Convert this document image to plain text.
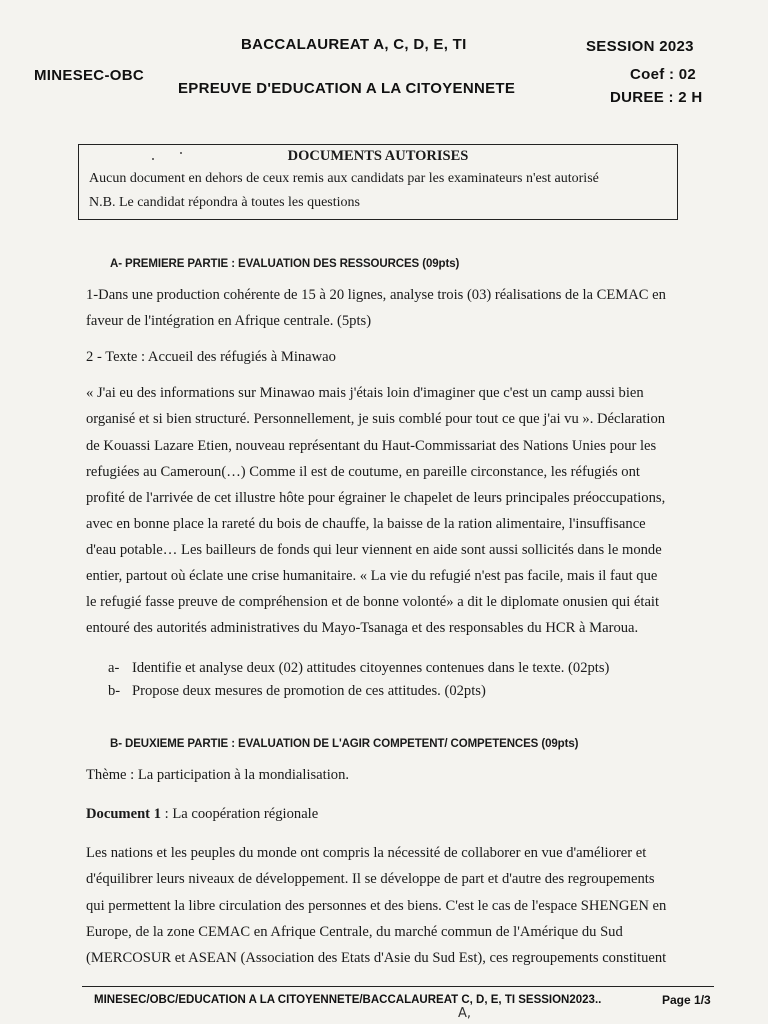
BACCALAUREAT A, C, D, E, TI	SESSION 2023
MINESEC-OBC
EPREUVE D'EDUCATION A LA CITOYENNETE
Coef : 02
DUREE : 2 H
DOCUMENTS AUTORISES
Aucun document en dehors de ceux remis aux candidats par les examinateurs n'est autorisé
N.B. Le candidat répondra à toutes les questions
A- PREMIERE PARTIE : EVALUATION DES RESSOURCES (09pts)
1-Dans une production cohérente de 15 à 20 lignes, analyse trois (03) réalisations de la CEMAC en
faveur de l'intégration en Afrique centrale. (5pts)
2 - Texte : Accueil des réfugiés à Minawao
« J'ai eu des informations sur Minawao mais j'étais loin d'imaginer que c'est un camp aussi bien
organisé et si bien structuré. Personnellement, je suis comblé pour tout ce que j'ai vu ». Déclaration
de Kouassi Lazare Etien, nouveau représentant du Haut-Commissariat des Nations Unies pour les
refugiées au Cameroun(…) Comme il est de coutume, en pareille circonstance, les réfugiés ont
profité de l'arrivée de cet illustre hôte pour égrainer le chapelet de leurs principales préoccupations,
avec en bonne place la rareté du bois de chauffe, la baisse de la ration alimentaire, l'insuffisance
d'eau potable… Les bailleurs de fonds qui leur viennent en aide sont aussi sollicités dans le monde
entier, partout où éclate une crise humanitaire. « La vie du refugié n'est pas facile, mais il faut que
le refugié fasse preuve de compréhension et de bonne volonté» a dit le diplomate onusien qui était
entouré des autorités administratives du Mayo-Tsanaga et des responsables du HCR à Maroua.
a- Identifie et analyse deux (02) attitudes citoyennes contenues dans le texte. (02pts)
b- Propose deux mesures de promotion de ces attitudes. (02pts)
B- DEUXIEME PARTIE : EVALUATION DE L'AGIR COMPETENT/ COMPETENCES (09pts)
Thème : La participation à la mondialisation.
Document 1 : La coopération régionale
Les nations et les peuples du monde ont compris la nécessité de collaborer en vue d'améliorer et
d'équilibrer leurs niveaux de développement. Il se développe de part et d'autre des regroupements
qui permettent la libre circulation des personnes et des biens. C'est le cas de l'espace SHENGEN en
Europe, de la zone CEMAC en Afrique Centrale, du marché commun de l'Amérique du Sud
(MERCOSUR et ASEAN (Association des Etats d'Asie du Sud Est), ces regroupements constituent
MINESEC/OBC/EDUCATION A LA CITOYENNETE/BACCALAUREAT C, D, E, TI SESSION2023..	Page 1/3
A,
